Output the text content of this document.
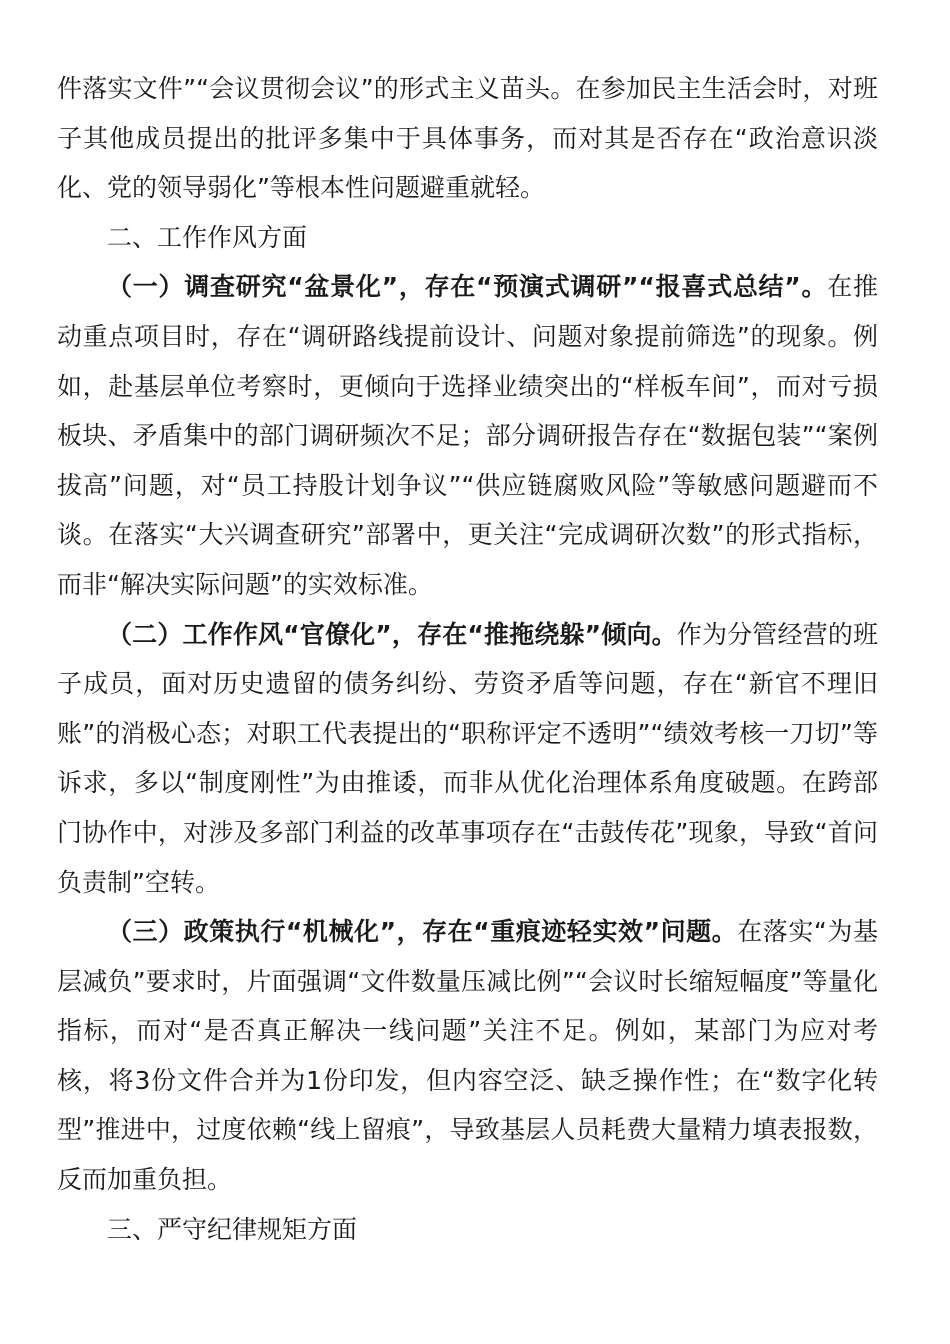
件落实文件”“会议贯彻会议”的形式主义苗头。在参加民主生活会时，对班子其他成员提出的批评多集中于具体事务，而对其是否存在“政治意识淡化、党的领导弱化”等根本性问题避重就轻。

二、工作作风方面

（一）调查研究“盆景化”，存在“预演式调研”“报喜式总结”。在推动重点项目时，存在“调研路线提前设计、问题对象提前筛选”的现象。例如，赴基层单位考察时，更倾向于选择业绩突出的“样板车间”，而对亏损板块、矛盾集中的部门调研频次不足；部分调研报告存在“数据包装”“案例拔高”问题，对“员工持股计划争议”“供应链腐败风险”等敏感问题避而不谈。在落实“大兴调查研究”部署中，更关注“完成调研次数”的形式指标，而非“解决实际问题”的实效标准。

（二）工作作风“官僚化”，存在“推拖绕躲”倾向。作为分管经营的班子成员，面对历史遗留的债务纠纷、劳资矛盾等问题，存在“新官不理旧账”的消极心态；对职工代表提出的“职称评定不透明”“绩效考核一刀切”等诉求，多以“制度刚性”为由推诿，而非从优化治理体系角度破题。在跨部门协作中，对涉及多部门利益的改革事项存在“击鼓传花”现象，导致“首问负责制”空转。

（三）政策执行“机械化”，存在“重痕迹轻实效”问题。在落实“为基层减负”要求时，片面强调“文件数量压减比例”“会议时长缩短幅度”等量化指标，而对“是否真正解决一线问题”关注不足。例如，某部门为应对考核，将3份文件合并为1份印发，但内容空泛、缺乏操作性；在“数字化转型”推进中，过度依赖“线上留痕”，导致基层人员耗费大量精力填表报数，反而加重负担。

三、严守纪律规矩方面
